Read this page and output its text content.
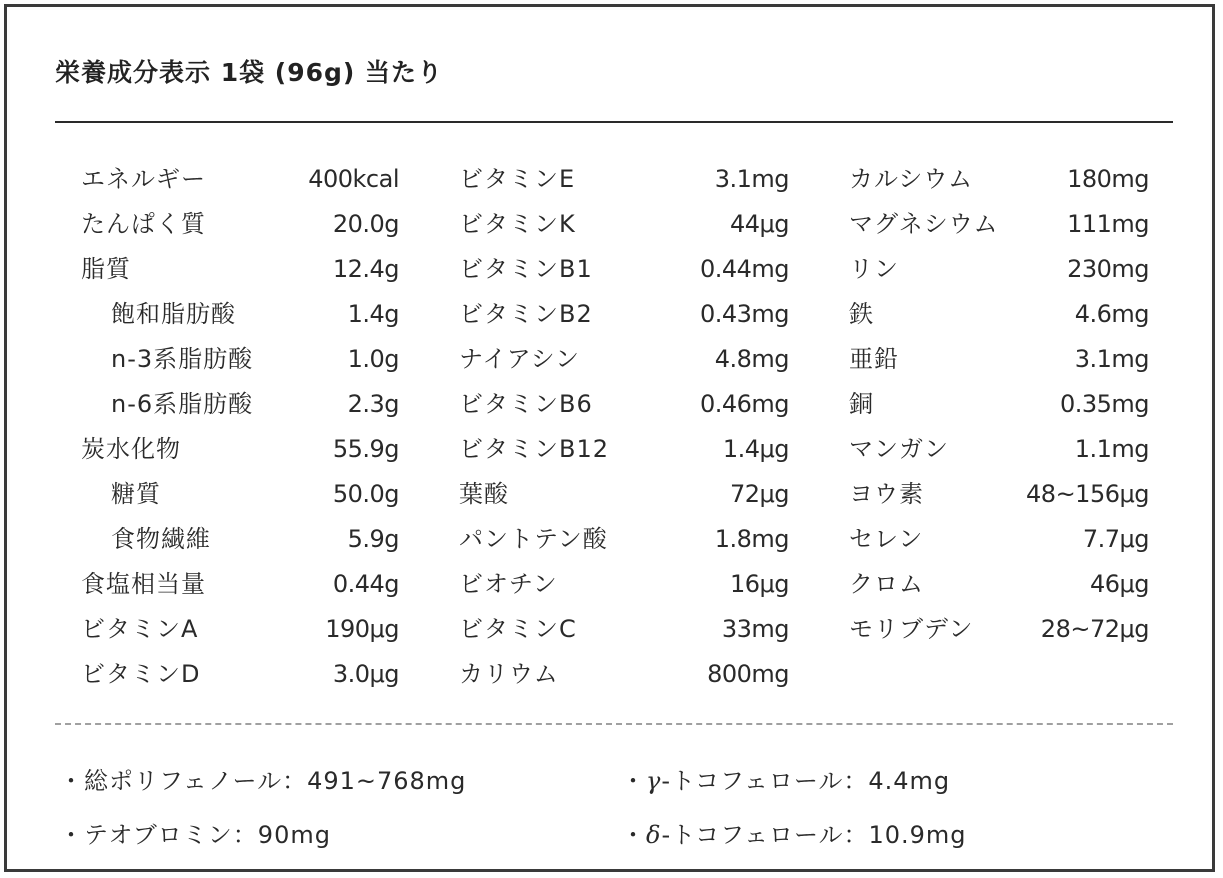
栄養成分表示 1袋 (96g) 当たり
エネルギー	400kcal
たんぱく質	20.0g
脂質	12.4g
飽和脂肪酸	1.4g
n-3系脂肪酸	1.0g
n-6系脂肪酸	2.3g
炭水化物	55.9g
糖質	50.0g
食物繊維	5.9g
食塩相当量	0.44g
ビタミンA	190μg
ビタミンD	3.0μg
ビタミンE	3.1mg
ビタミンK	44μg
ビタミンB1	0.44mg
ビタミンB2	0.43mg
ナイアシン	4.8mg
ビタミンB6	0.46mg
ビタミンB12	1.4μg
葉酸	72μg
パントテン酸	1.8mg
ビオチン	16μg
ビタミンC	33mg
カリウム	800mg
カルシウム	180mg
マグネシウム	111mg
リン	230mg
鉄	4.6mg
亜鉛	3.1mg
銅	0.35mg
マンガン	1.1mg
ヨウ素	48~156μg
セレン	7.7μg
クロム	46μg
モリブデン	28~72μg
・総ポリフェノール：491~768mg
・テオブロミン：90mg
・γ-トコフェロール：4.4mg
・δ-トコフェロール：10.9mg
